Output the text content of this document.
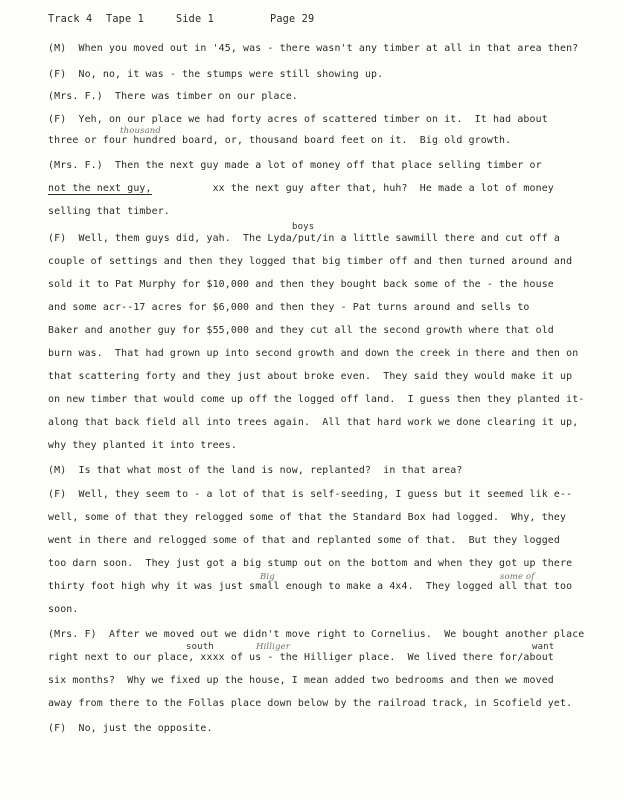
Track 4 Tape 1	Side 1	Page 29
(M)  When you moved out in '45, was - there wasn't any timber at all in that area then?
(F)  No, no, it was - the stumps were still showing up.
(Mrs. F.)  There was timber on our place.
(F)  Yeh, on our place we had forty acres of scattered timber on it.  It had about
three or four hundred board, or, thousand board feet on it.  Big old growth.
(Mrs. F.)  Then the next guy made a lot of money off that place selling timber or
not the next guy,          xx the next guy after that, huh?  He made a lot of money
selling that timber.
(F)  Well, them guys did, yah.  The Lyda/put/in a little sawmill there and cut off a
couple of settings and then they logged that big timber off and then turned around and
sold it to Pat Murphy for $10,000 and then they bought back some of the - the house
and some acr--17 acres for $6,000 and then they - Pat turns around and sells to
Baker and another guy for $55,000 and they cut all the second growth where that old
burn was.  That had grown up into second growth and down the creek in there and then on
that scattering forty and they just about broke even.  They said they would make it up
on new timber that would come up off the logged off land.  I guess then they planted it-
along that back field all into trees again.  All that hard work we done clearing it up,
why they planted it into trees.
(M)  Is that what most of the land is now, replanted?  in that area?
(F)  Well, they seem to - a lot of that is self-seeding, I guess but it seemed lik e--
well, some of that they relogged some of that the Standard Box had logged.  Why, they
went in there and relogged some of that and replanted some of that.  But they logged
too darn soon.  They just got a big stump out on the bottom and when they got up there
thirty foot high why it was just small enough to make a 4x4.  They logged all that too
soon.
(Mrs. F)  After we moved out we didn't move right to Cornelius.  We bought another place
right next to our place, xxxx of us - the Hilliger place.  We lived there for/about
six months?  Why we fixed up the house, I mean added two bedrooms and then we moved
away from there to the Follas place down below by the railroad track, in Scofield yet.
(F)  No, just the opposite.
thousand
boys
Big	some of
south	Hilliger	want
